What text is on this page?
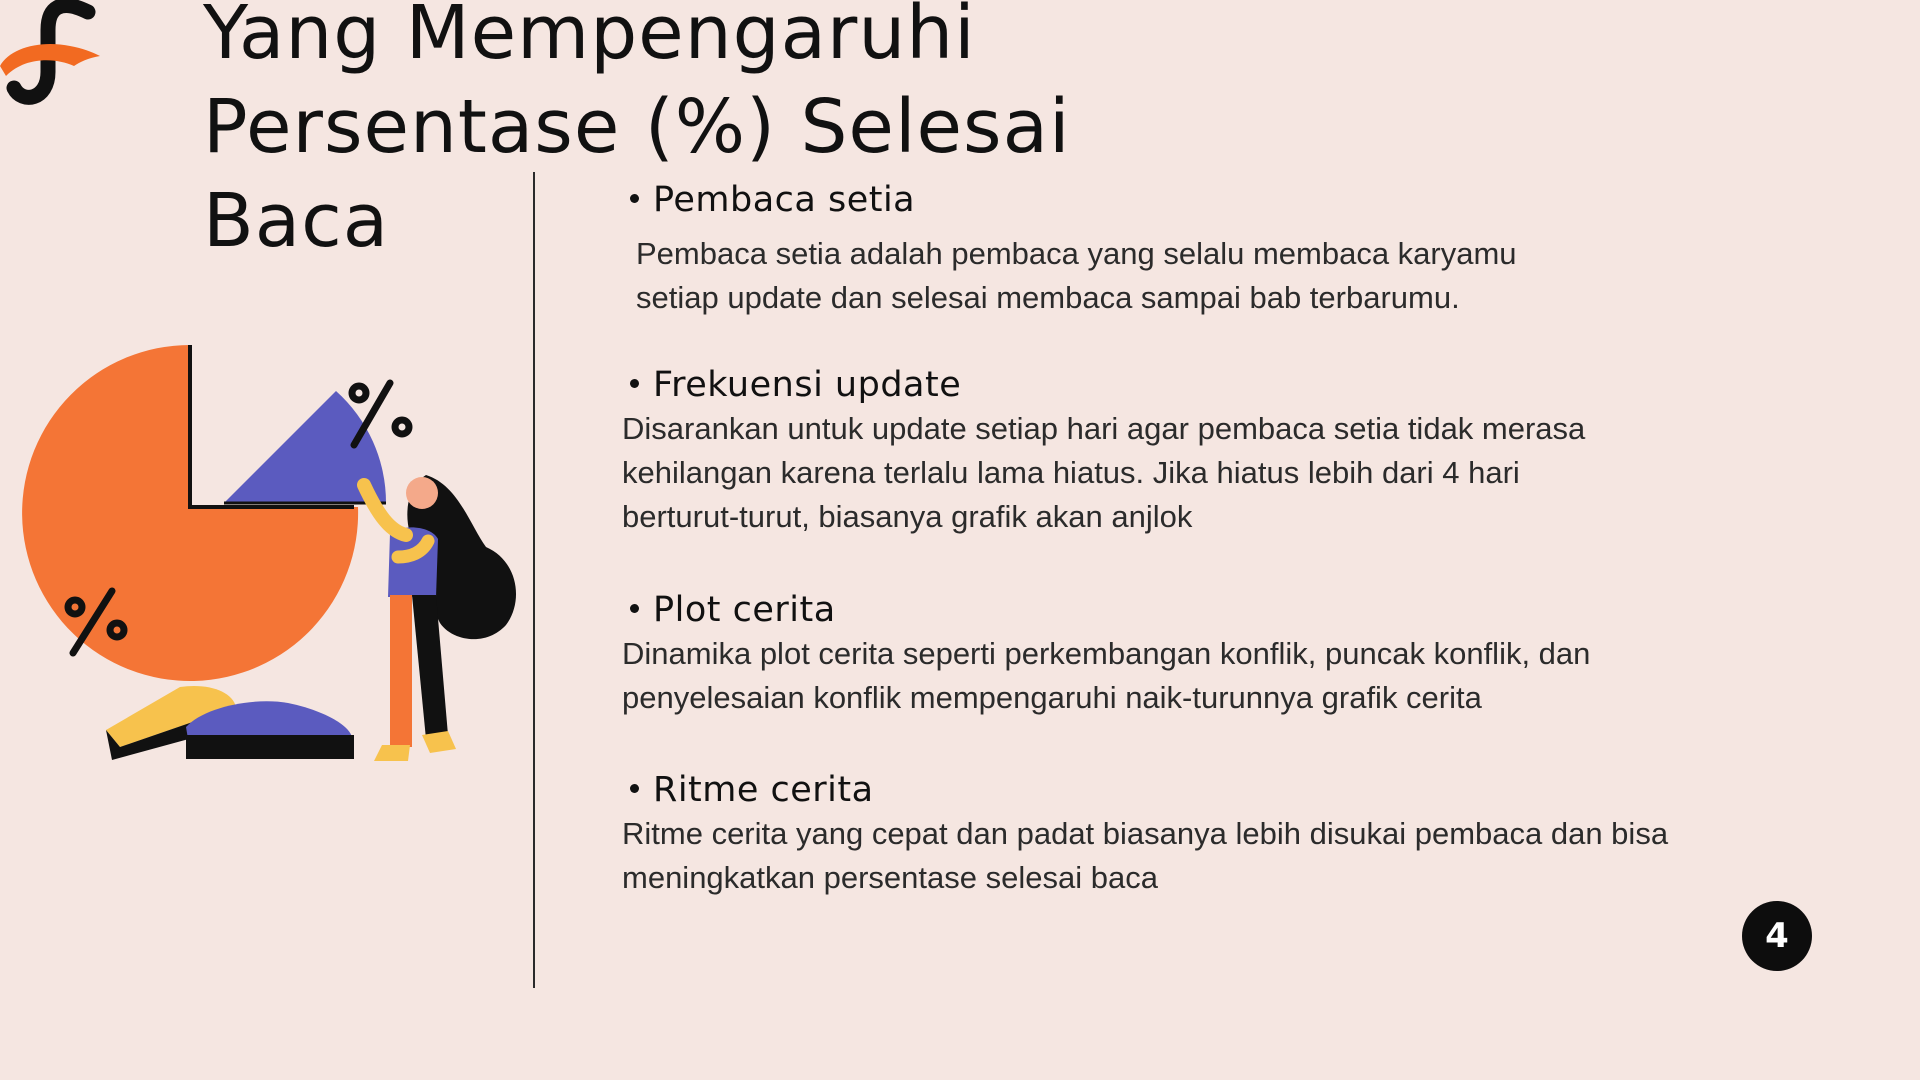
Yang Mempengaruhi
Persentase (%) Selesai
Baca	Pembaca setia

Pembaca setia adalah pembaca yang selalu membaca karyamu
setiap update dan selesai membaca sampai bab terbarumu.

Frekuensi update

Disarankan untuk update setiap hari agar pembaca setia tidak merasa
kehilangan karena terlalu lama hiatus. Jika hiatus lebih dari 4 hari
berturut-turut, biasanya grafik akan anjlok

Plot cerita

Dinamika plot cerita seperti perkembangan konflik, puncak konflik, dan
penyelesaian konflik mempengaruhi naik-turunnya grafik cerita

Ritme cerita

Ritme cerita yang cepat dan padat biasanya lebih disukai pembaca dan bisa
meningkatkan persentase selesai baca

4
